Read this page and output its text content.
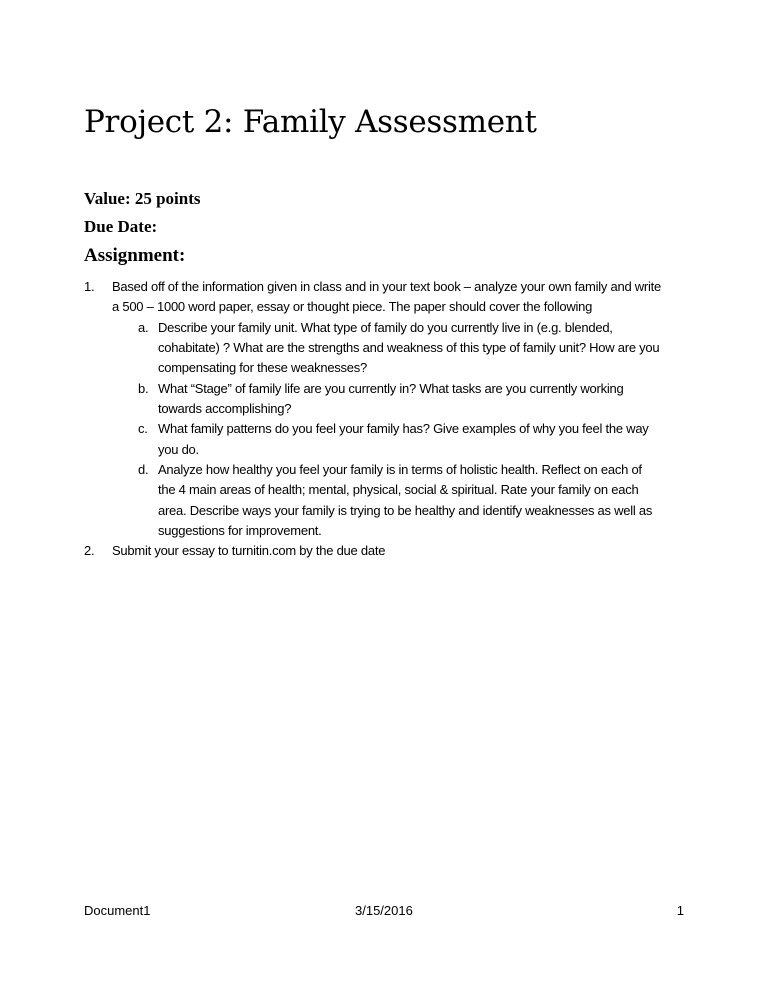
Project 2: Family Assessment
Value: 25 points
Due Date:
Assignment:
1. Based off of the information given in class and in your text book – analyze your own family and write
a 500 – 1000 word paper, essay or thought piece. The paper should cover the following
a. Describe your family unit. What type of family do you currently live in (e.g. blended,
cohabitate) ? What are the strengths and weakness of this type of family unit? How are you
compensating for these weaknesses?
b. What “Stage” of family life are you currently in? What tasks are you currently working
towards accomplishing?
c. What family patterns do you feel your family has? Give examples of why you feel the way
you do.
d. Analyze how healthy you feel your family is in terms of holistic health. Reflect on each of
the 4 main areas of health; mental, physical, social & spiritual. Rate your family on each
area. Describe ways your family is trying to be healthy and identify weaknesses as well as
suggestions for improvement.
2. Submit your essay to turnitin.com by the due date
Document1	3/15/2016	1
